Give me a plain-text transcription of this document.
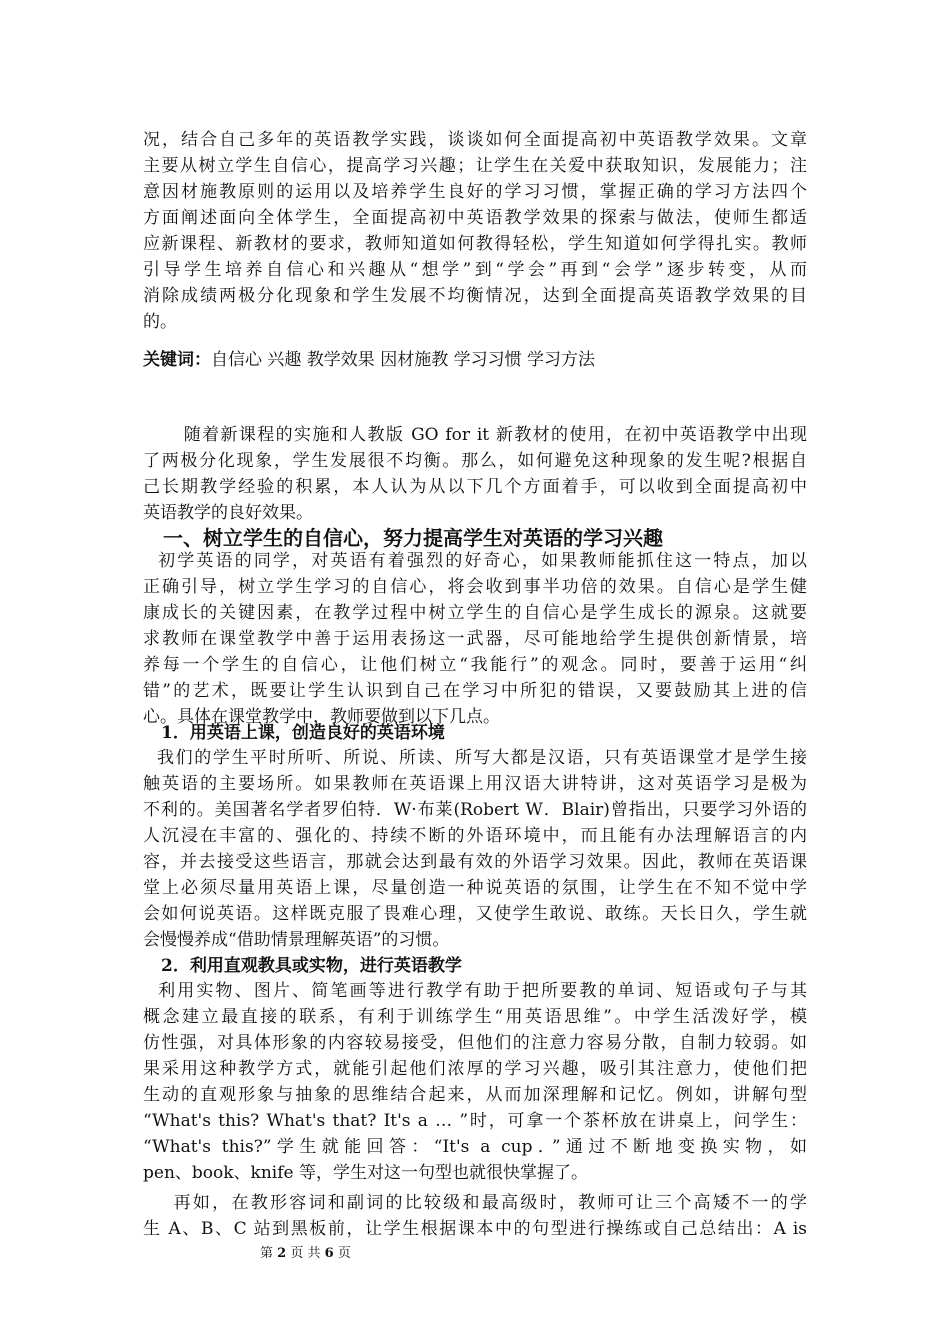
况，结合自己多年的英语教学实践，谈谈如何全面提高初中英语教学效果。文章
主要从树立学生自信心，提高学习兴趣；让学生在关爱中获取知识，发展能力；注
意因材施教原则的运用以及培养学生良好的学习习惯，掌握正确的学习方法四个
方面阐述面向全体学生，全面提高初中英语教学效果的探索与做法，使师生都适
应新课程、新教材的要求，教师知道如何教得轻松，学生知道如何学得扎实。教师
引导学生培养自信心和兴趣从“想学”到“学会”再到“会学”逐步转变，从而
消除成绩两极分化现象和学生发展不均衡情况，达到全面提高英语教学效果的目
的。
关键词：自信心 兴趣 教学效果 因材施教 学习习惯 学习方法
随着新课程的实施和人教版 GO for it 新教材的使用，在初中英语教学中出现
了两极分化现象，学生发展很不均衡。那么，如何避免这种现象的发生呢?根据自
己长期教学经验的积累，本人认为从以下几个方面着手，可以收到全面提高初中
英语教学的良好效果。
一、树立学生的自信心，努力提高学生对英语的学习兴趣
初学英语的同学，对英语有着强烈的好奇心，如果教师能抓住这一特点，加以
正确引导，树立学生学习的自信心，将会收到事半功倍的效果。自信心是学生健
康成长的关键因素，在教学过程中树立学生的自信心是学生成长的源泉。这就要
求教师在课堂教学中善于运用表扬这一武器，尽可能地给学生提供创新情景，培
养每一个学生的自信心，让他们树立“我能行”的观念。同时，要善于运用“纠
错”的艺术，既要让学生认识到自己在学习中所犯的错误，又要鼓励其上进的信
心。具体在课堂教学中，教师要做到以下几点。
1．用英语上课，创造良好的英语环境
我们的学生平时所听、所说、所读、所写大都是汉语，只有英语课堂才是学生接
触英语的主要场所。如果教师在英语课上用汉语大讲特讲，这对英语学习是极为
不利的。美国著名学者罗伯特．W·布莱(Robert W．Blair)曾指出，只要学习外语的
人沉浸在丰富的、强化的、持续不断的外语环境中，而且能有办法理解语言的内
容，并去接受这些语言，那就会达到最有效的外语学习效果。因此，教师在英语课
堂上必须尽量用英语上课，尽量创造一种说英语的氛围，让学生在不知不觉中学
会如何说英语。这样既克服了畏难心理，又使学生敢说、敢练。天长日久，学生就
会慢慢养成“借助情景理解英语”的习惯。
2．利用直观教具或实物，进行英语教学
利用实物、图片、简笔画等进行教学有助于把所要教的单词、短语或句子与其
概念建立最直接的联系，有利于训练学生“用英语思维”。中学生活泼好学，模
仿性强，对具体形象的内容较易接受，但他们的注意力容易分散，自制力较弱。如
果采用这种教学方式，就能引起他们浓厚的学习兴趣，吸引其注意力，使他们把
生动的直观形象与抽象的思维结合起来，从而加深理解和记忆。例如，讲解句型
“What's this? What's that? It's a … ”时，可拿一个茶杯放在讲桌上，问学生：
“What's this?”学生就能回答：“It's a cup．”通过不断地变换实物，如
pen、book、knife 等，学生对这一句型也就很快掌握了。
再如，在教形容词和副词的比较级和最高级时，教师可让三个高矮不一的学
生 A、B、C 站到黑板前，让学生根据课本中的句型进行操练或自己总结出：A is
第 2 页 共 6 页
